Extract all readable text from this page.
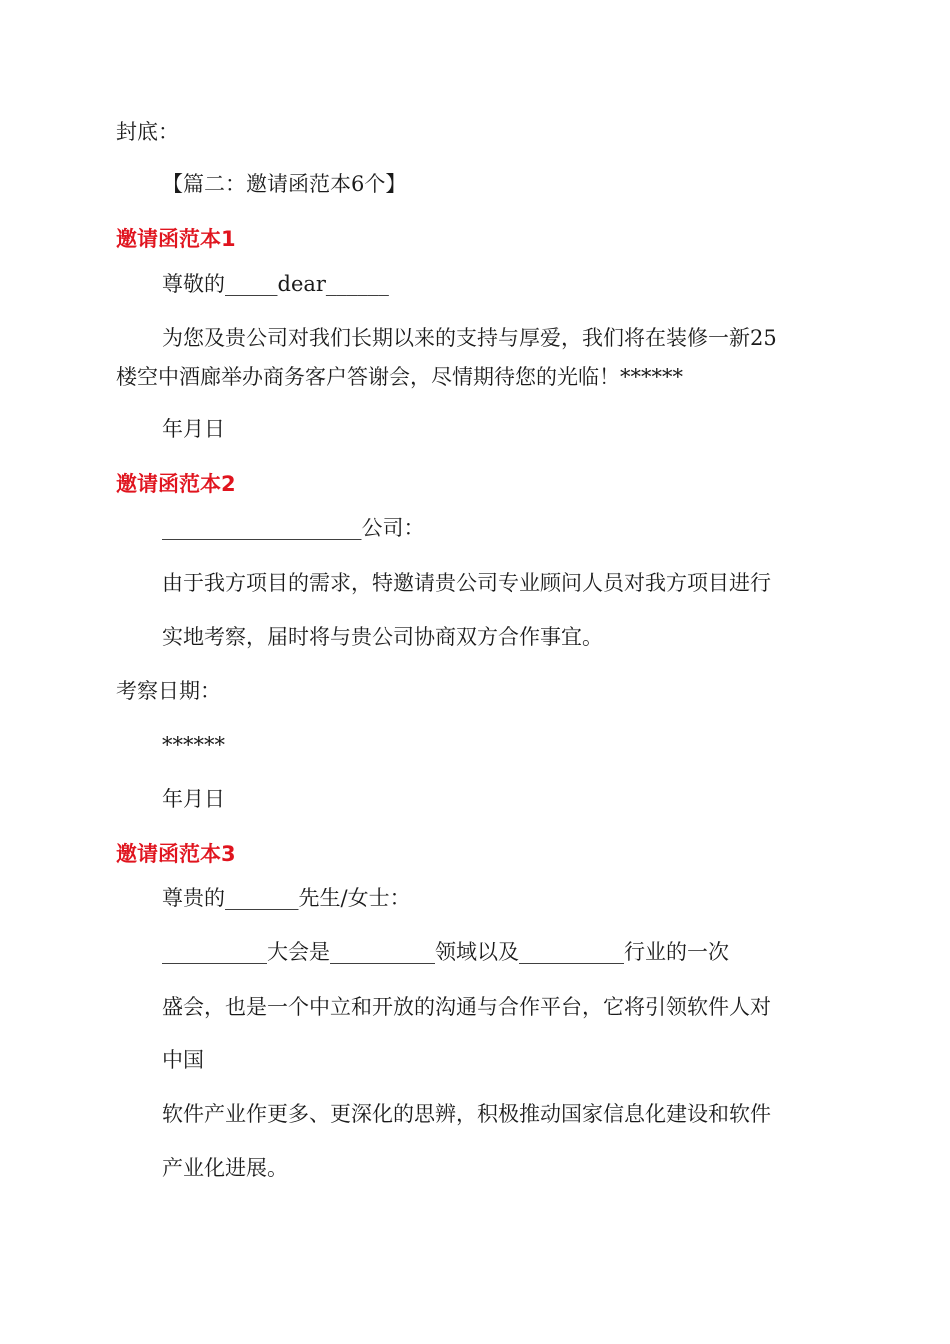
封底：
【篇二：邀请函范本6个】
邀请函范本1
尊敬的_____dear______
为您及贵公司对我们长期以来的支持与厚爱，我们将在装修一新25
楼空中酒廊举办商务客户答谢会，尽情期待您的光临！******
年月日
邀请函范本2
___________________公司：
由于我方项目的需求，特邀请贵公司专业顾问人员对我方项目进行
实地考察，届时将与贵公司协商双方合作事宜。
考察日期：
******
年月日
邀请函范本3
尊贵的_______先生/女士：
__________大会是__________领域以及__________行业的一次
盛会，也是一个中立和开放的沟通与合作平台，它将引领软件人对
中国
软件产业作更多、更深化的思辨，积极推动国家信息化建设和软件
产业化进展。
